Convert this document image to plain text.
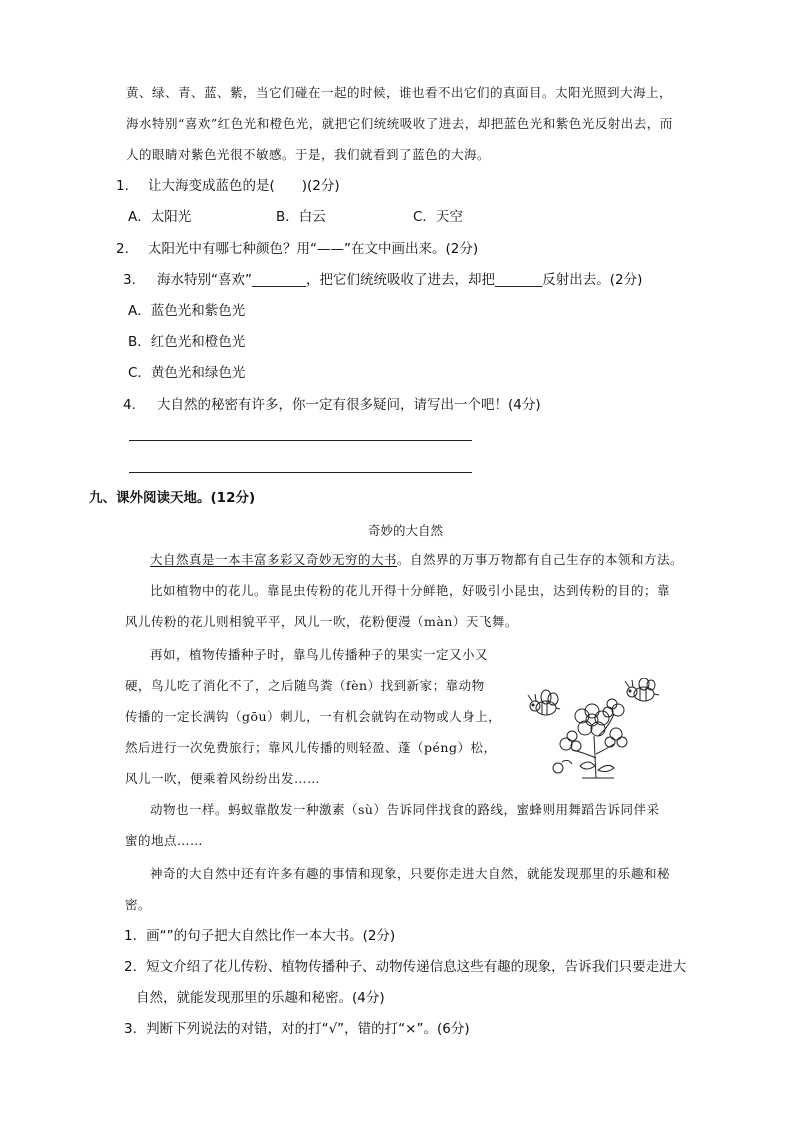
黄、绿、青、蓝、紫，当它们碰在一起的时候，谁也看不出它们的真面目。太阳光照到大海上，
海水特别“喜欢”红色光和橙色光，就把它们统统吸收了进去，却把蓝色光和紫色光反射出去，而
人的眼睛对紫色光很不敏感。于是，我们就看到了蓝色的大海。
1. 让大海变成蓝色的是(　　)(2分)
A．太阳光	B．白云	C．天空
2. 太阳光中有哪七种颜色？用“——”在文中画出来。(2分)
3. 海水特别“喜欢”________，把它们统统吸收了进去，却把_______反射出去。(2分)
A．蓝色光和紫色光
B．红色光和橙色光
C．黄色光和绿色光
4. 大自然的秘密有许多，你一定有很多疑问，请写出一个吧！(4分)
九、课外阅读天地。(12分)
奇妙的大自然
大自然真是一本丰富多彩又奇妙无穷的大书。自然界的万事万物都有自己生存的本领和方法。
比如植物中的花儿。靠昆虫传粉的花儿开得十分鲜艳，好吸引小昆虫，达到传粉的目的；靠
风儿传粉的花儿则相貌平平，风儿一吹，花粉便漫（màn）天飞舞。
再如，植物传播种子时，靠鸟儿传播种子的果实一定又小又
硬，鸟儿吃了消化不了，之后随鸟粪（fèn）找到新家；靠动物
传播的一定长满钩（gōu）刺儿，一有机会就钩在动物或人身上，
然后进行一次免费旅行；靠风儿传播的则轻盈、蓬（péng）松，
风儿一吹，便乘着风纷纷出发……
动物也一样。蚂蚁靠散发一种激素（sù）告诉同伴找食的路线，蜜蜂则用舞蹈告诉同伴采
蜜的地点……
神奇的大自然中还有许多有趣的事情和现象，只要你走进大自然，就能发现那里的乐趣和秘
密。
1．画“”的句子把大自然比作一本大书。(2分)
2．短文介绍了花儿传粉、植物传播种子、动物传递信息这些有趣的现象，告诉我们只要走进大
自然，就能发现那里的乐趣和秘密。(4分)
3．判断下列说法的对错，对的打“√”，错的打“×”。(6分)
